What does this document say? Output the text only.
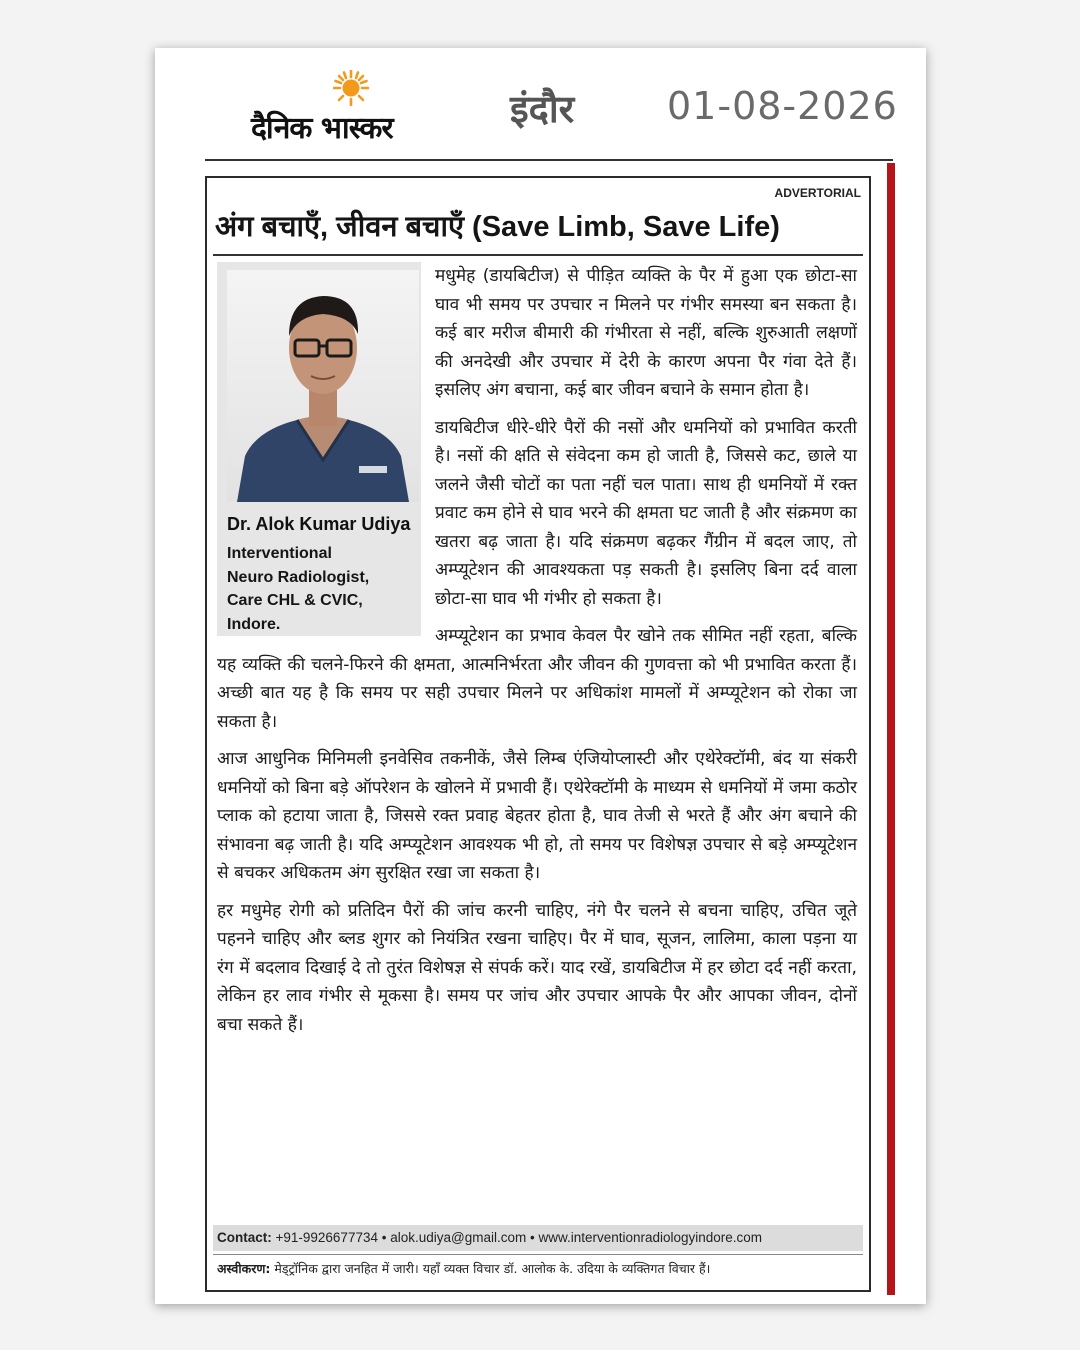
दैनिक भास्कर	इंदौर 01-08-2026
ADVERTORIAL
अंग बचाएँ, जीवन बचाएँ (Save Limb, Save Life)

मधुमेह (डायबिटीज) से पीड़ित व्यक्ति के पैर में हुआ एक छोटा-सा घाव भी समय पर उपचार न मिलने पर गंभीर समस्या बन सकता है। कई बार मरीज बीमारी की गंभीरता से नहीं, बल्कि शुरुआती लक्षणों की अनदेखी और उपचार में देरी के कारण अपना पैर गंवा देते हैं। इसलिए अंग बचाना, कई बार जीवन बचाने के समान होता है।

डायबिटीज धीरे-धीरे पैरों की नसों और धमनियों को प्रभावित करती है। नसों की क्षति से संवेदना कम हो जाती है, जिससे कट, छाले या जलने जैसी चोटों का पता नहीं चल पाता। साथ ही धमनियों में रक्त प्रवाट कम होने से घाव भरने की क्षमता घट जाती है और संक्रमण का खतरा बढ़ जाता है। यदि संक्रमण बढ़कर गैंग्रीन में बदल जाए, तो अम्प्यूटेशन की आवश्यकता पड़ सकती है। इसलिए बिना दर्द वाला छोटा-सा घाव भी गंभीर हो सकता है।

अम्प्यूटेशन का प्रभाव केवल पैर खोने तक सीमित नहीं रहता, बल्कि यह व्यक्ति की चलने-फिरने की क्षमता, आत्मनिर्भरता और जीवन की गुणवत्ता को भी प्रभावित करता हैं। अच्छी बात यह है कि समय पर सही उपचार मिलने पर अधिकांश मामलों में अम्प्यूटेशन को रोका जा सकता है।

आज आधुनिक मिनिमली इनवेसिव तकनीकें, जैसे लिम्ब एंजियोप्लास्टी और एथेरेक्टॉमी, बंद या संकरी धमनियों को बिना बड़े ऑपरेशन के खोलने में प्रभावी हैं। एथेरेक्टॉमी के माध्यम से धमनियों में जमा कठोर प्लाक को हटाया जाता है, जिससे रक्त प्रवाह बेहतर होता है, घाव तेजी से भरते हैं और अंग बचाने की संभावना बढ़ जाती है। यदि अम्प्यूटेशन आवश्यक भी हो, तो समय पर विशेषज्ञ उपचार से बड़े अम्प्यूटेशन से बचकर अधिकतम अंग सुरक्षित रखा जा सकता है।

हर मधुमेह रोगी को प्रतिदिन पैरों की जांच करनी चाहिए, नंगे पैर चलने से बचना चाहिए, उचित जूते पहनने चाहिए और ब्लड शुगर को नियंत्रित रखना चाहिए। पैर में घाव, सूजन, लालिमा, काला पड़ना या रंग में बदलाव दिखाई दे तो तुरंत विशेषज्ञ से संपर्क करें। याद रखें, डायबिटीज में हर छोटा दर्द नहीं करता, लेकिन हर लाव गंभीर से मूकसा है। समय पर जांच और उपचार आपके पैर और आपका जीवन, दोनों बचा सकते हैं।

Dr. Alok Kumar Udiya
Interventional
Neuro Radiologist,
Care CHL & CVIC,
Indore.
Contact: +91-9926677734 • alok.udiya@gmail.com • www.interventionradiologyindore.com
अस्वीकरण: मेड्ट्रॉनिक द्वारा जनहित में जारी। यहाँ व्यक्त विचार डॉ. आलोक के. उदिया के व्यक्तिगत विचार हैं।
